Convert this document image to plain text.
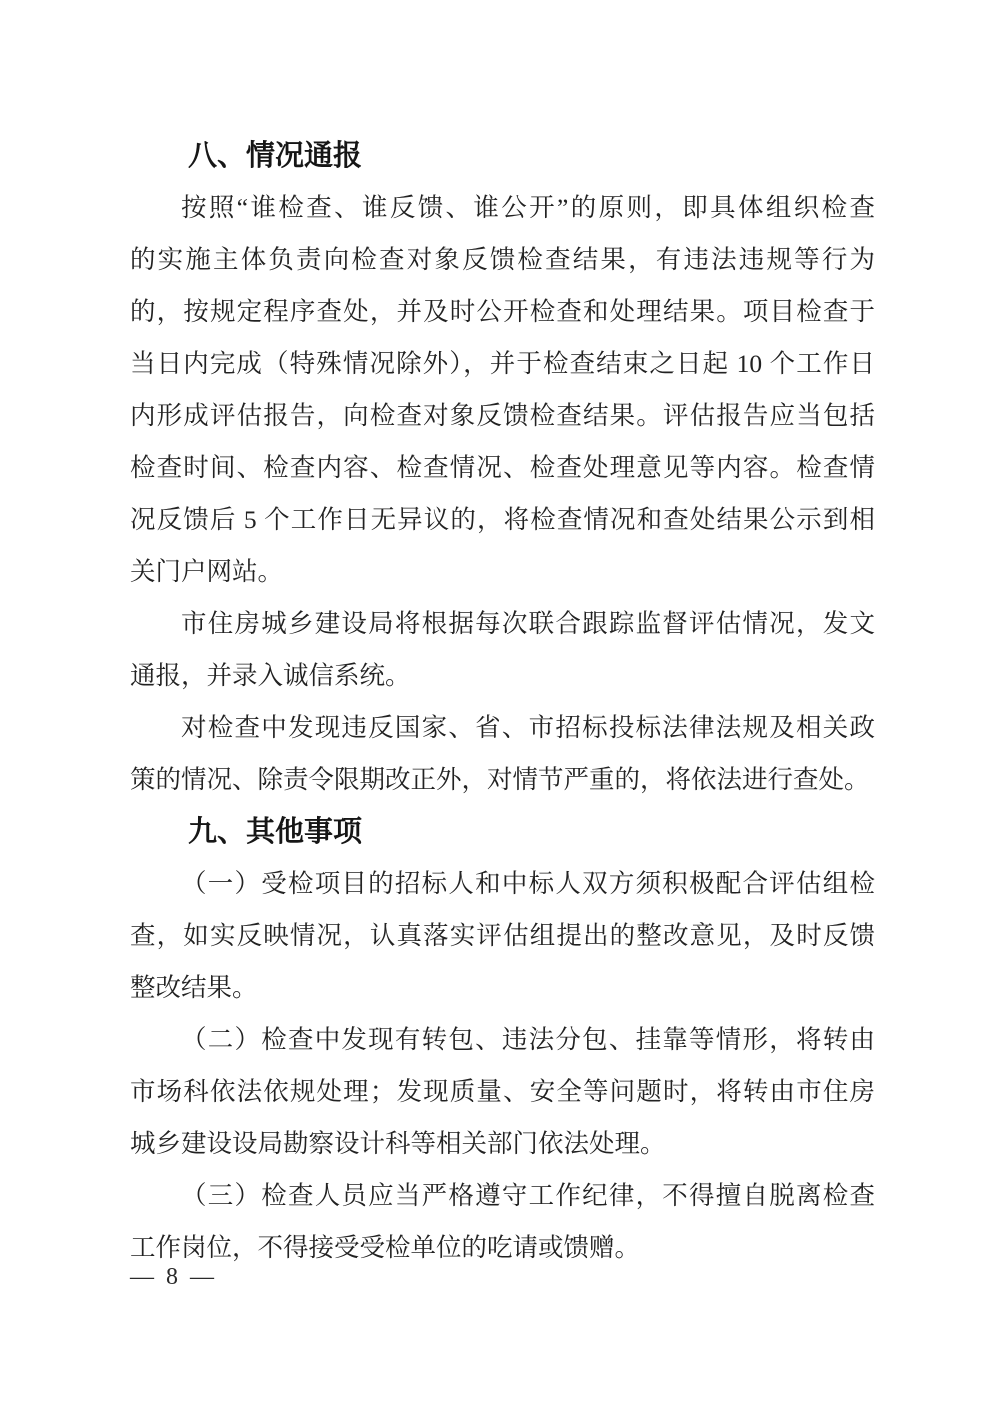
八、情况通报
按照“谁检查、谁反馈、谁公开”的原则，即具体组织检查
的实施主体负责向检查对象反馈检查结果，有违法违规等行为
的，按规定程序查处，并及时公开检查和处理结果。项目检查于
当日内完成（特殊情况除外），并于检查结束之日起 10 个工作日
内形成评估报告，向检查对象反馈检查结果。评估报告应当包括
检查时间、检查内容、检查情况、检查处理意见等内容。检查情
况反馈后 5 个工作日无异议的，将检查情况和查处结果公示到相
关门户网站。
市住房城乡建设局将根据每次联合跟踪监督评估情况，发文
通报，并录入诚信系统。
对检查中发现违反国家、省、市招标投标法律法规及相关政
策的情况、除责令限期改正外，对情节严重的，将依法进行查处。
九、其他事项
（一）受检项目的招标人和中标人双方须积极配合评估组检
查，如实反映情况，认真落实评估组提出的整改意见，及时反馈
整改结果。
（二）检查中发现有转包、违法分包、挂靠等情形，将转由
市场科依法依规处理；发现质量、安全等问题时，将转由市住房
城乡建设设局勘察设计科等相关部门依法处理。
（三）检查人员应当严格遵守工作纪律，不得擅自脱离检查
工作岗位，不得接受受检单位的吃请或馈赠。
— 8 —
